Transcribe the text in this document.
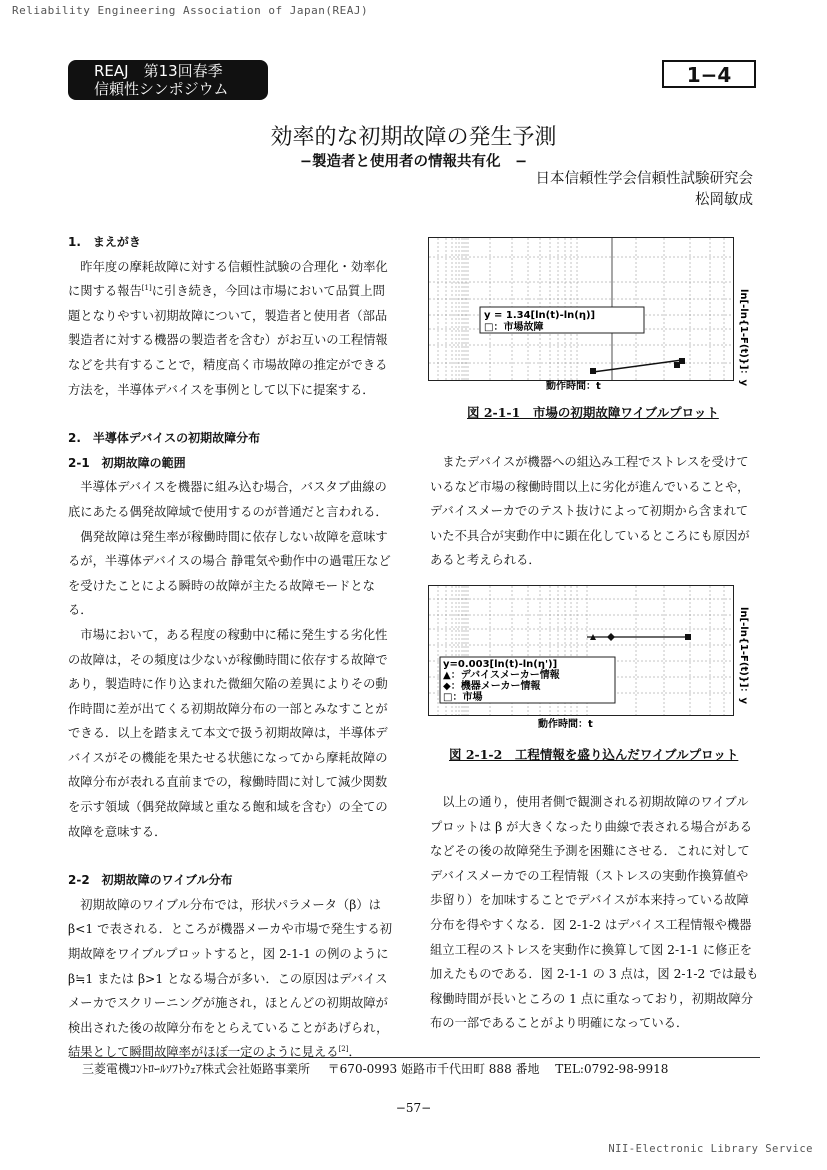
Reliability Engineering Association of Japan(REAJ)
REAJ　第13回春季
信頼性シンポジウム
1−4
効率的な初期故障の発生予測
−製造者と使用者の情報共有化　−
日本信頼性学会信頼性試験研究会
松岡敏成
1.　まえがき

昨年度の摩耗故障に対する信頼性試験の合理化・効率化に関する報告[1]に引き続き，今回は市場において品質上問題となりやすい初期故障について，製造者と使用者（部品製造者に対する機器の製造者を含む）がお互いの工程情報などを共有することで，精度高く市場故障の推定ができる方法を，半導体デバイスを事例として以下に提案する．

2.　半導体デバイスの初期故障分布
2-1　初期故障の範囲

半導体デバイスを機器に組み込む場合，バスタブ曲線の底にあたる偶発故障域で使用するのが普通だと言われる．

偶発故障は発生率が稼働時間に依存しない故障を意味するが，半導体デバイスの場合 静電気や動作中の過電圧などを受けたことによる瞬時の故障が主たる故障モードとなる．

市場において，ある程度の稼動中に稀に発生する劣化性の故障は，その頻度は少ないが稼働時間に依存する故障であり，製造時に作り込まれた微細欠陥の差異によりその動作時間に差が出てくる初期故障分布の一部とみなすことができる．以上を踏まえて本文で扱う初期故障は，半導体デバイスがその機能を果たせる状態になってから摩耗故障の故障分布が表れる直前までの，稼働時間に対して減少関数を示す領域（偶発故障域と重なる飽和域を含む）の全ての故障を意味する．

2-2　初期故障のワイブル分布

初期故障のワイブル分布では，形状パラメータ（β）はβ<1 で表される．ところが機器メーカや市場で発生する初期故障をワイブルプロットすると，図 2-1-1 の例のように β≒1 または β>1 となる場合が多い．この原因はデバイスメーカでスクリーニングが施され，ほとんどの初期故障が検出された後の故障分布をとらえていることがあげられ，結果として瞬間故障率がほぼ一定のように見える[2]．

y = 1.34[ln(t)-ln(η)]
□：市場故障
動作時間：t
ln[-ln{1-F(t)}]：y
図 2-1-1　市場の初期故障ワイブルプロット

またデバイスが機器への組込み工程でストレスを受けているなど市場の稼働時間以上に劣化が進んでいることや，デバイスメーカでのテスト抜けによって初期から含まれていた不具合が実動作中に顕在化しているところにも原因があると考えられる．

y=0.003[ln(t)-ln(η')]
▲：デバイスメーカー情報
◆：機器メーカー情報
□：市場
動作時間：t
ln[-ln{1-F(t)}]：y
図 2-1-2　工程情報を盛り込んだワイブルプロット

以上の通り，使用者側で観測される初期故障のワイブルプロットは β が大きくなったり曲線で表される場合があるなどその後の故障発生予測を困難にさせる．これに対してデバイスメーカでの工程情報（ストレスの実動作換算値や歩留り）を加味することでデバイスが本来持っている故障分布を得やすくなる．図 2-1-2 はデバイス工程情報や機器組立工程のストレスを実動作に換算して図 2-1-1 に修正を加えたものである．図 2-1-1 の 3 点は，図 2-1-2 では最も稼働時間が長いところの 1 点に重なっており，初期故障分布の一部であることがより明確になっている．

三菱電機ｺﾝﾄﾛｰﾙｿﾌﾄｳｪｱ株式会社姫路事業所 〒670-0993 姫路市千代田町 888 番地 TEL:0792-98-9918
−57−
NII-Electronic Library Service
